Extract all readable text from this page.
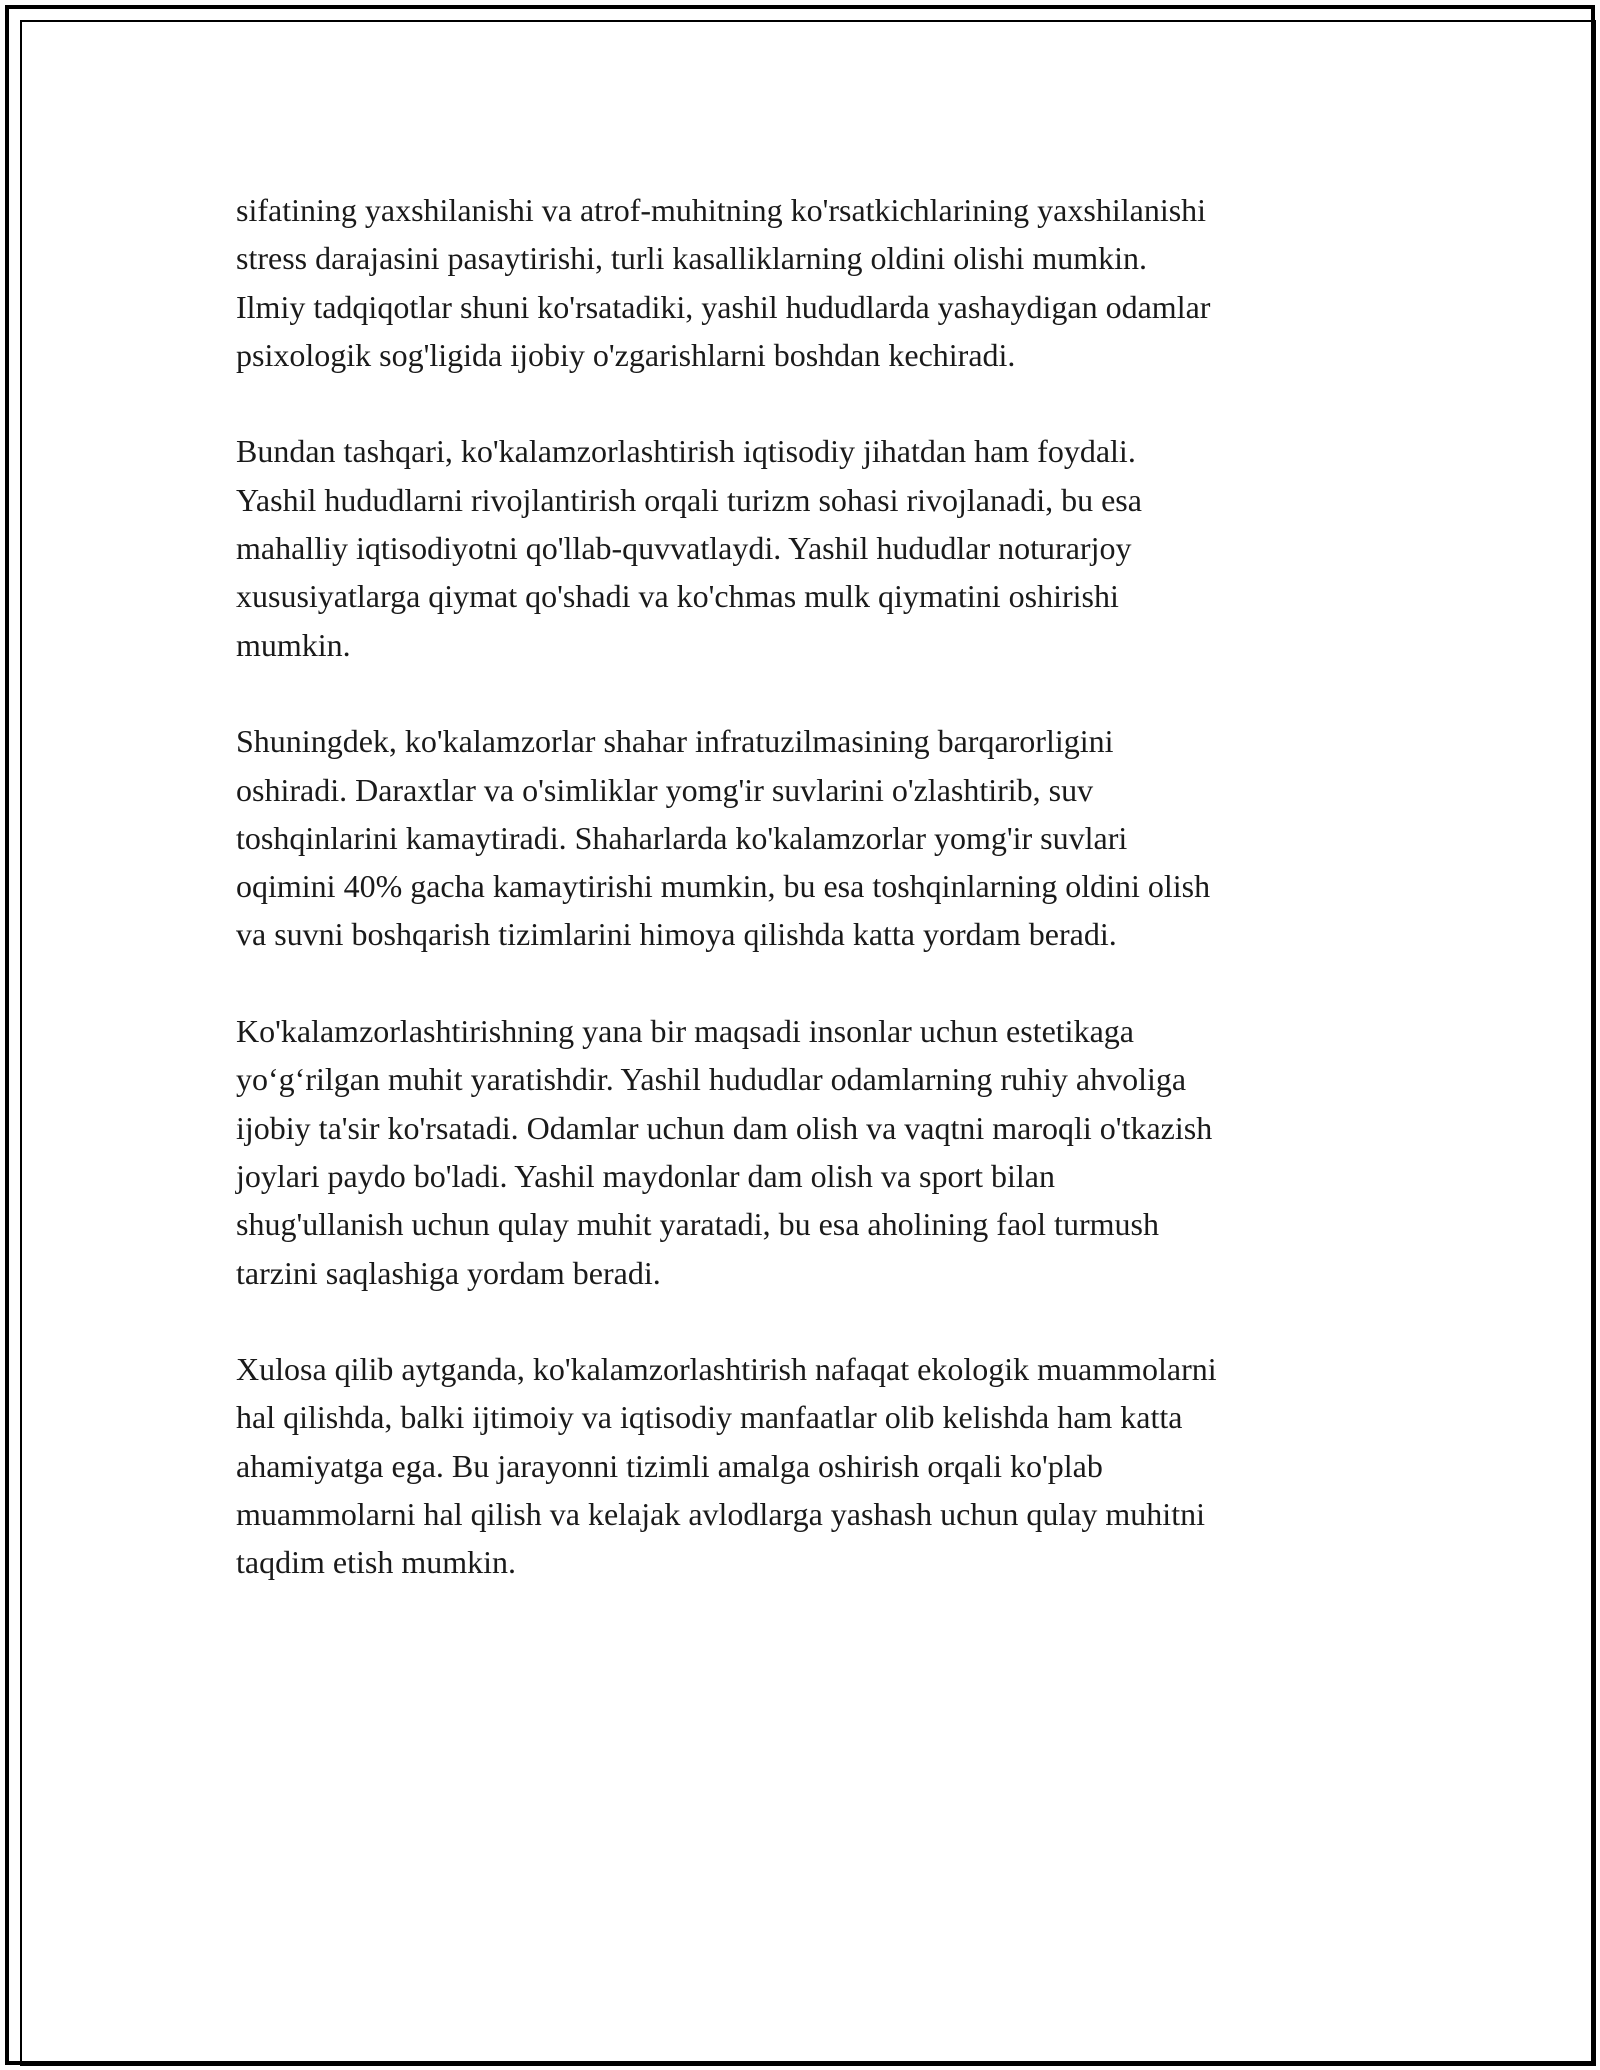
sifatining yaxshilanishi va atrof-muhitning ko'rsatkichlarining yaxshilanishi
stress darajasini pasaytirishi, turli kasalliklarning oldini olishi mumkin.
Ilmiy tadqiqotlar shuni ko'rsatadiki, yashil hududlarda yashaydigan odamlar
psixologik sog'ligida ijobiy o'zgarishlarni boshdan kechiradi.

Bundan tashqari, ko'kalamzorlashtirish iqtisodiy jihatdan ham foydali.
Yashil hududlarni rivojlantirish orqali turizm sohasi rivojlanadi, bu esa
mahalliy iqtisodiyotni qo'llab-quvvatlaydi. Yashil hududlar noturarjoy
xususiyatlarga qiymat qo'shadi va ko'chmas mulk qiymatini oshirishi
mumkin.

Shuningdek, ko'kalamzorlar shahar infratuzilmasining barqarorligini
oshiradi. Daraxtlar va o'simliklar yomg'ir suvlarini o'zlashtirib, suv
toshqinlarini kamaytiradi. Shaharlarda ko'kalamzorlar yomg'ir suvlari
oqimini 40% gacha kamaytirishi mumkin, bu esa toshqinlarning oldini olish
va suvni boshqarish tizimlarini himoya qilishda katta yordam beradi.

Ko'kalamzorlashtirishning yana bir maqsadi insonlar uchun estetikaga
yo‘g‘rilgan muhit yaratishdir. Yashil hududlar odamlarning ruhiy ahvoliga
ijobiy ta'sir ko'rsatadi. Odamlar uchun dam olish va vaqtni maroqli o'tkazish
joylari paydo bo'ladi. Yashil maydonlar dam olish va sport bilan
shug'ullanish uchun qulay muhit yaratadi, bu esa aholining faol turmush
tarzini saqlashiga yordam beradi.

Xulosa qilib aytganda, ko'kalamzorlashtirish nafaqat ekologik muammolarni
hal qilishda, balki ijtimoiy va iqtisodiy manfaatlar olib kelishda ham katta
ahamiyatga ega. Bu jarayonni tizimli amalga oshirish orqali ko'plab
muammolarni hal qilish va kelajak avlodlarga yashash uchun qulay muhitni
taqdim etish mumkin.
